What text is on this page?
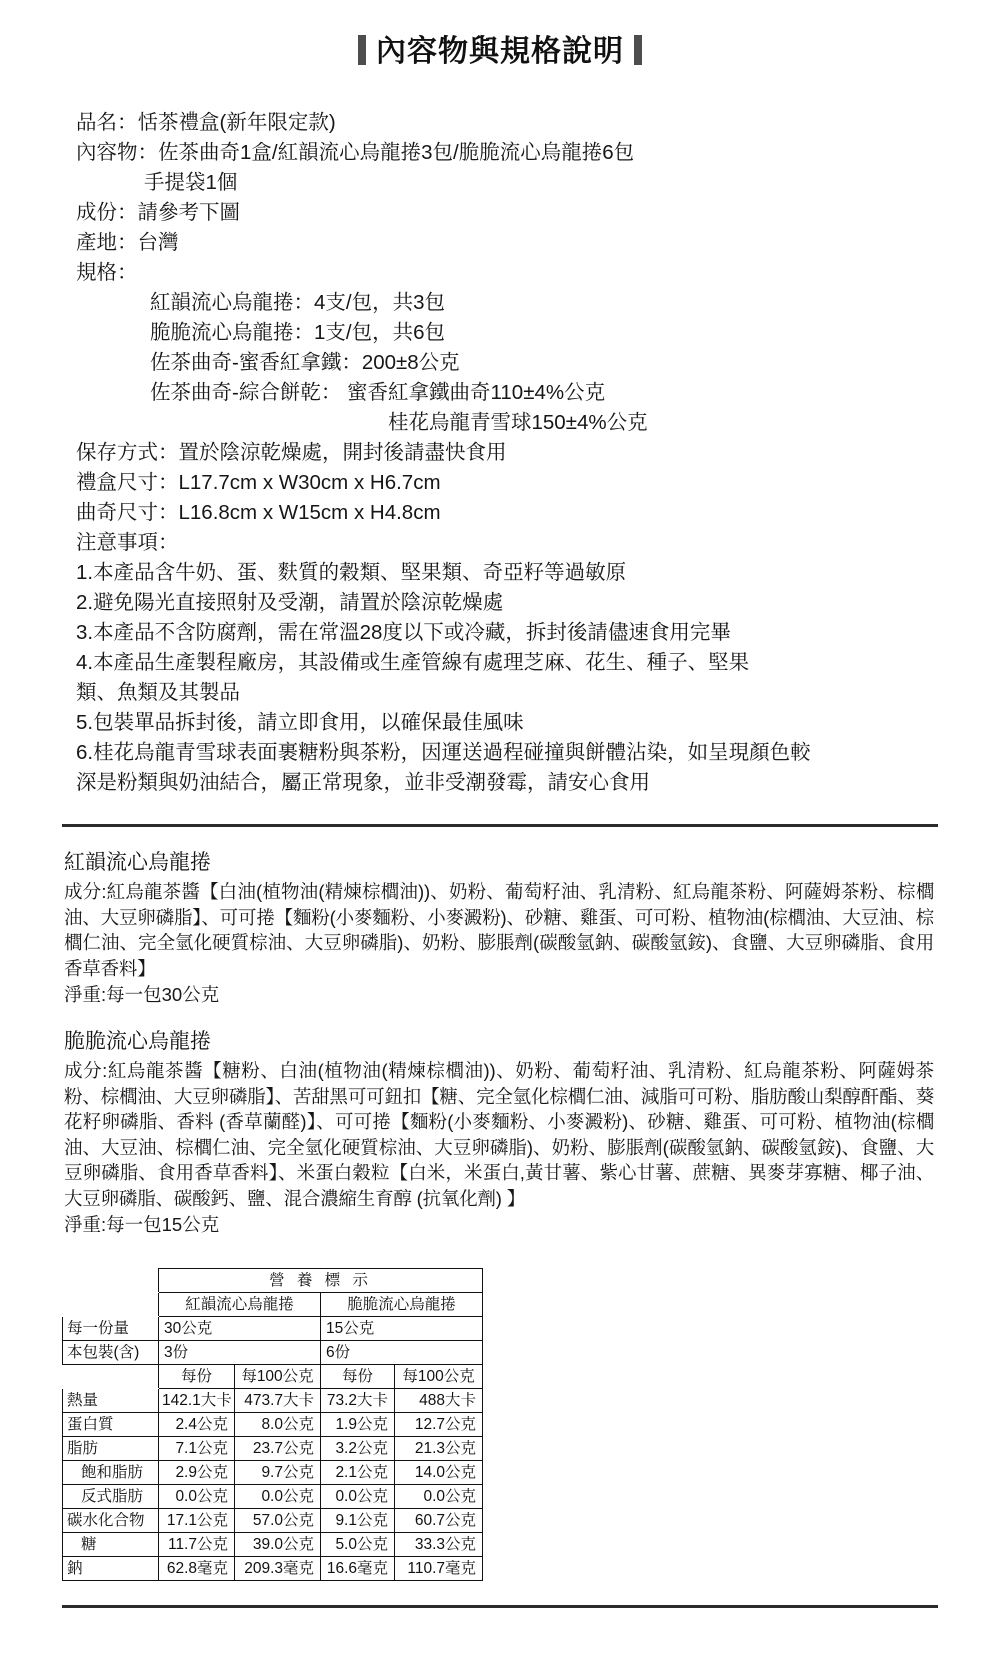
內容物與規格說明
品名：恬茶禮盒(新年限定款)
內容物：佐茶曲奇1盒/紅韻流心烏龍捲3包/脆脆流心烏龍捲6包
手提袋1個
成份：請參考下圖
產地：台灣
規格：
紅韻流心烏龍捲：4支/包，共3包
脆脆流心烏龍捲：1支/包，共6包
佐茶曲奇-蜜香紅拿鐵：200±8公克
佐茶曲奇-綜合餅乾： 蜜香紅拿鐵曲奇110±4%公克
桂花烏龍青雪球150±4%公克
保存方式：置於陰涼乾燥處，開封後請盡快食用
禮盒尺寸：L17.7cm x W30cm x H6.7cm
曲奇尺寸：L16.8cm x W15cm x H4.8cm
注意事項：
1.本產品含牛奶、蛋、麩質的穀類、堅果類、奇亞籽等過敏原
2.避免陽光直接照射及受潮，請置於陰涼乾燥處
3.本產品不含防腐劑，需在常溫28度以下或冷藏，拆封後請儘速食用完畢
4.本產品生產製程廠房，其設備或生產管線有處理芝麻、花生、種子、堅果
類、魚類及其製品
5.包裝單品拆封後，請立即食用，以確保最佳風味
6.桂花烏龍青雪球表面裹糖粉與茶粉，因運送過程碰撞與餅體沾染，如呈現顏色較
深是粉類與奶油結合，屬正常現象，並非受潮發霉，請安心食用
紅韻流心烏龍捲
成分:紅烏龍茶醬【白油(植物油(精煉棕櫚油))、奶粉、葡萄籽油、乳清粉、紅烏龍茶粉、阿薩姆茶粉、棕櫚油、大豆卵磷脂】、可可捲【麵粉(小麥麵粉、小麥澱粉)、砂糖、雞蛋、可可粉、植物油(棕櫚油、大豆油、棕櫚仁油、完全氫化硬質棕油、大豆卵磷脂)、奶粉、膨脹劑(碳酸氫鈉、碳酸氫銨)、食鹽、大豆卵磷脂、食用香草香料】
淨重:每一包30公克
脆脆流心烏龍捲
成分:紅烏龍茶醬【糖粉、白油(植物油(精煉棕櫚油))、奶粉、葡萄籽油、乳清粉、紅烏龍茶粉、阿薩姆茶粉、棕櫚油、大豆卵磷脂】、苦甜黑可可鈕扣【糖、完全氫化棕櫚仁油、減脂可可粉、脂肪酸山梨醇酐酯、葵花籽卵磷脂、香料 (香草蘭醛)】、可可捲【麵粉(小麥麵粉、小麥澱粉)、砂糖、雞蛋、可可粉、植物油(棕櫚油、大豆油、棕櫚仁油、完全氫化硬質棕油、大豆卵磷脂)、奶粉、膨脹劑(碳酸氫鈉、碳酸氫銨)、食鹽、大豆卵磷脂、食用香草香料】、米蛋白穀粒【白米，米蛋白,黃甘薯、紫心甘薯、蔗糖、異麥芽寡糖、椰子油、大豆卵磷脂、碳酸鈣、鹽、混合濃縮生育醇 (抗氧化劑) 】
淨重:每一包15公克
	營 養 標 示			
	紅韻流心烏龍捲		脆脆流心烏龍捲	
每一份量	30公克		15公克	
本包裝(含)	3份		6份	
	每份	每100公克	每份	每100公克
熱量	142.1大卡	473.7大卡	73.2大卡	488大卡
蛋白質	2.4公克	8.0公克	1.9公克	12.7公克
脂肪	7.1公克	23.7公克	3.2公克	21.3公克
飽和脂肪	2.9公克	9.7公克	2.1公克	14.0公克
反式脂肪	0.0公克	0.0公克	0.0公克	0.0公克
碳水化合物	17.1公克	57.0公克	9.1公克	60.7公克
糖	11.7公克	39.0公克	5.0公克	33.3公克
鈉	62.8毫克	209.3毫克	16.6毫克	110.7毫克
